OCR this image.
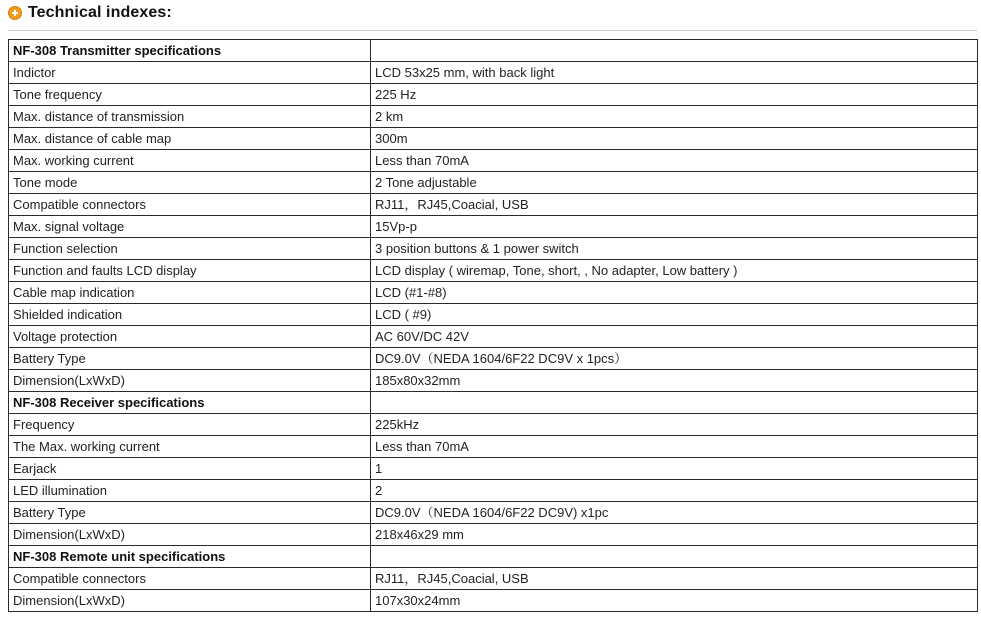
Technical indexes:
NF-308 Transmitter specifications	
Indictor	LCD 53x25 mm, with back light
Tone frequency	225 Hz
Max. distance of transmission	2 km
Max. distance of cable map	300m
Max. working current	Less than 70mA
Tone mode	2 Tone adjustable
Compatible connectors	RJ11，RJ45,Coacial, USB
Max. signal voltage	15Vp-p
Function selection	3 position buttons & 1 power switch
Function and faults LCD display	LCD display ( wiremap, Tone, short, , No adapter, Low battery )
Cable map indication	LCD (#1-#8)
Shielded indication	LCD ( #9)
Voltage protection	AC 60V/DC 42V
Battery Type	DC9.0V（NEDA 1604/6F22 DC9V x 1pcs）
Dimension(LxWxD)	185x80x32mm
NF-308 Receiver specifications	
Frequency	225kHz
The Max. working current	Less than 70mA
Earjack	1
LED illumination	2
Battery Type	DC9.0V（NEDA 1604/6F22 DC9V) x1pc
Dimension(LxWxD)	218x46x29 mm
NF-308 Remote unit specifications	
Compatible connectors	RJ11，RJ45,Coacial, USB
Dimension(LxWxD)	107x30x24mm
